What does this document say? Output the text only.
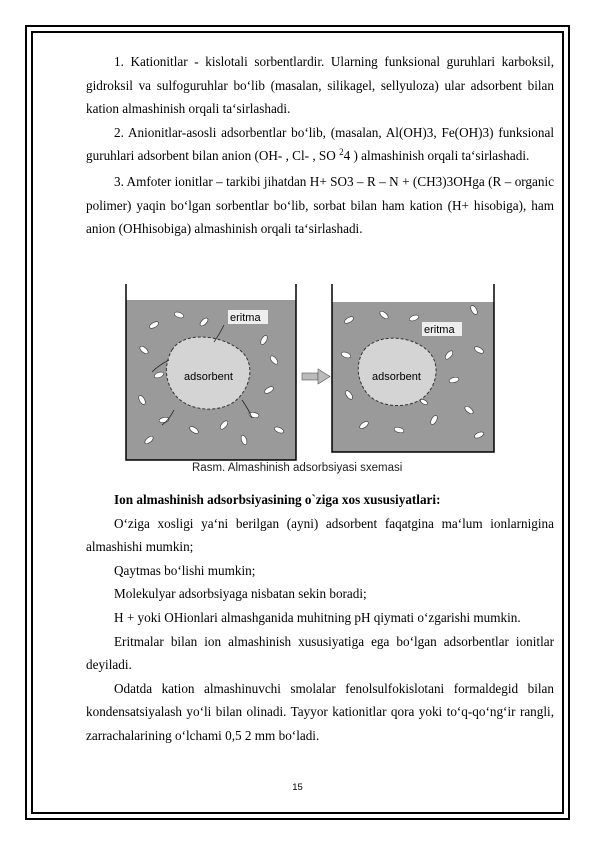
1. Kationitlar - kislotali sorbentlardir. Ularning funksional guruhlari karboksil, gidroksil va sulfoguruhlar bo‘lib (masalan, silikagel, sellyuloza) ular adsorbent bilan kation almashinish orqali ta‘sirlashadi.

2. Anionitlar-asosli adsorbentlar bo‘lib, (masalan, Al(OH)3, Fe(OH)3) funksional guruhlari adsorbent bilan anion (OH- , Cl- , SO 24 ) almashinish orqali ta‘sirlashadi.

3. Amfoter ionitlar – tarkibi jihatdan H+ SO3 – R – N + (CH3)3OHga (R – organic polimer) yaqin bo‘lgan sorbentlar bo‘lib, sorbat bilan ham kation (H+ hisobiga), ham anion (OHhisobiga) almashinish orqali ta‘sirlashadi.

eritma
adsorbent
eritma
adsorbent
Rasm. Almashinish adsorbsiyasi sxemasi

Ion almashinish adsorbsiyasining o`ziga xos xususiyatlari:

O‘ziga xosligi ya‘ni berilgan (ayni) adsorbent faqatgina ma‘lum ionlarnigina almashishi mumkin;

Qaytmas bo‘lishi mumkin;

Molekulyar adsorbsiyaga nisbatan sekin boradi;

H + yoki OHionlari almashganida muhitning pH qiymati o‘zgarishi mumkin.

Eritmalar bilan ion almashinish xususiyatiga ega bo‘lgan adsorbentlar ionitlar deyiladi.

Odatda kation almashinuvchi smolalar fenolsulfokislotani formaldegid bilan kondensatsiyalash yo‘li bilan olinadi. Tayyor kationitlar qora yoki to‘q-qo‘ng‘ir rangli, zarrachalarining o‘lchami 0,5 2 mm bo‘ladi.

15
